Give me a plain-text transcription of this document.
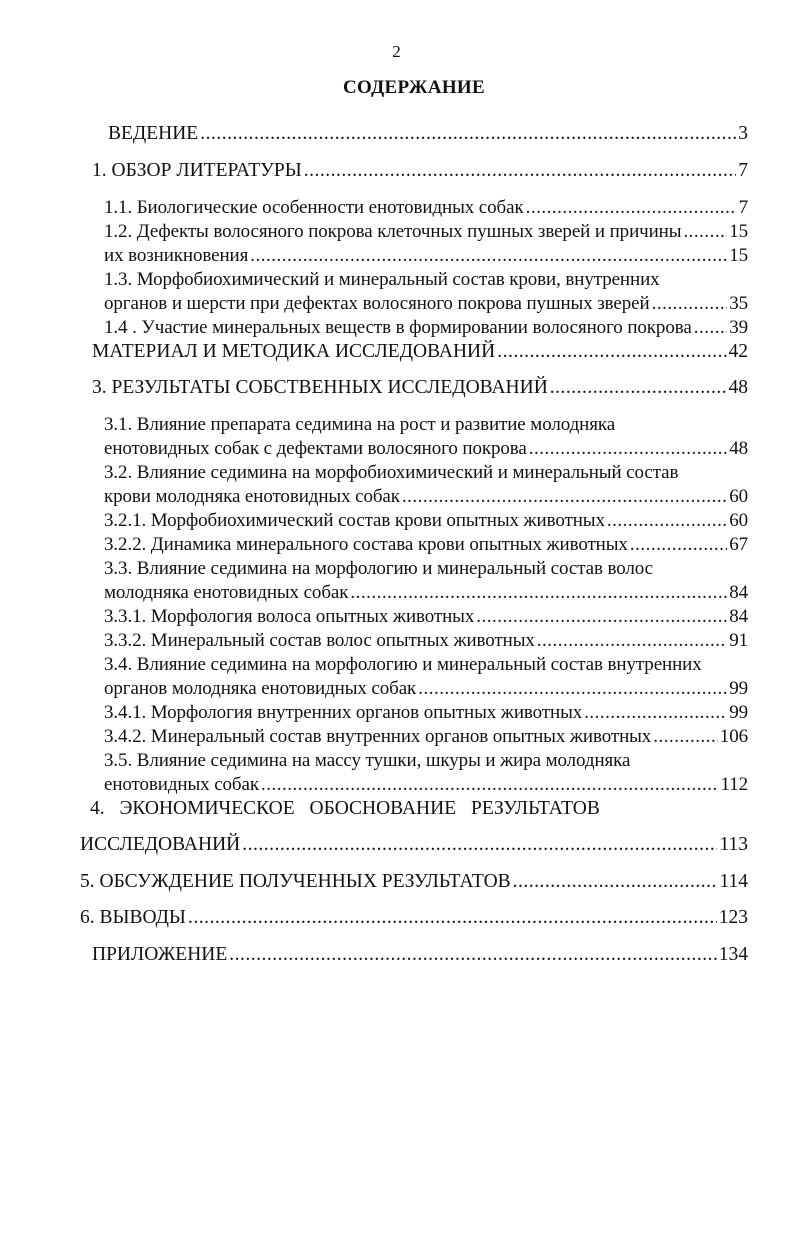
2
СОДЕРЖАНИЕ
ВЕДЕНИЕ .....	3
1. ОБЗОР ЛИТЕРАТУРЫ .....	7
1.1. Биологические особенности енотовидных собак .....	7
1.2. Дефекты волосяного покрова клеточных пушных зверей и причины .....	15
их возникновения .....	15
1.3. Морфобиохимический и минеральный состав крови, внутренних
органов и шерсти при дефектах волосяного покрова пушных зверей .....	35
1.4 . Участие минеральных веществ в формировании волосяного покрова ..... 39
МАТЕРИАЛ И МЕТОДИКА ИССЛЕДОВАНИЙ .....	42
3. РЕЗУЛЬТАТЫ СОБСТВЕННЫХ ИССЛЕДОВАНИЙ .....	48
3.1. Влияние препарата седимина на рост и развитие молодняка
енотовидных собак с дефектами волосяного покрова .....	48
3.2. Влияние седимина на морфобиохимический и минеральный состав
крови молодняка енотовидных собак .....	60
3.2.1. Морфобиохимический состав крови опытных животных .....	60
3.2.2. Динамика минерального состава крови опытных животных .....	67
3.3. Влияние седимина на морфологию и минеральный состав волос
молодняка енотовидных собак .....	84
3.3.1. Морфология волоса опытных животных .....	84
3.3.2. Минеральный состав волос опытных животных .....	91
3.4. Влияние седимина на морфологию и минеральный состав внутренних
органов молодняка енотовидных собак .....	99
3.4.1. Морфология внутренних органов опытных животных .....	99
3.4.2. Минеральный состав внутренних органов опытных животных .....	106
3.5. Влияние седимина на массу тушки, шкуры и жира молодняка
енотовидных собак .....	112
4. ЭКОНОМИЧЕСКОЕ ОБОСНОВАНИЕ РЕЗУЛЬТАТОВ
ИССЛЕДОВАНИЙ .....	113
5. ОБСУЖДЕНИЕ ПОЛУЧЕННЫХ РЕЗУЛЬТАТОВ .....	114
6. ВЫВОДЫ .....	123
ПРИЛОЖЕНИЕ .....	134
